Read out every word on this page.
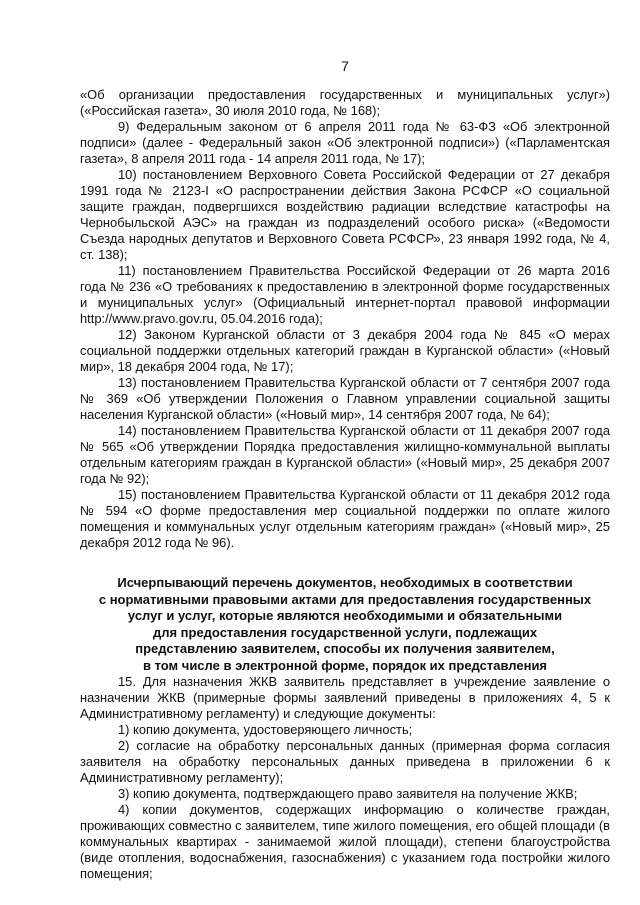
7

«Об организации предоставления государственных и муниципальных услуг») («Российская газета», 30 июля 2010 года, № 168);

9) Федеральным законом от 6 апреля 2011 года № 63-ФЗ «Об электронной подписи» (далее - Федеральный закон «Об электронной подписи») («Парламентская газета», 8 апреля 2011 года - 14 апреля 2011 года, № 17);

10) постановлением Верховного Совета Российской Федерации от 27 декабря 1991 года № 2123-I «О распространении действия Закона РСФСР «О социальной защите граждан, подвергшихся воздействию радиации вследствие катастрофы на Чернобыльской АЭС» на граждан из подразделений особого риска» («Ведомости Съезда народных депутатов и Верховного Совета РСФСР», 23 января 1992 года, № 4, ст. 138);

11) постановлением Правительства Российской Федерации от 26 марта 2016 года № 236 «О требованиях к предоставлению в электронной форме государственных и муниципальных услуг» (Официальный интернет-портал правовой информации http://www.pravo.gov.ru, 05.04.2016 года);

12) Законом Курганской области от 3 декабря 2004 года № 845 «О мерах социальной поддержки отдельных категорий граждан в Курганской области» («Новый мир», 18 декабря 2004 года, № 17);

13) постановлением Правительства Курганской области от 7 сентября 2007 года № 369 «Об утверждении Положения о Главном управлении социальной защиты населения Курганской области» («Новый мир», 14 сентября 2007 года, № 64);

14) постановлением Правительства Курганской области от 11 декабря 2007 года № 565 «Об утверждении Порядка предоставления жилищно-коммунальной выплаты отдельным категориям граждан в Курганской области» («Новый мир», 25 декабря 2007 года № 92);

15) постановлением Правительства Курганской области от 11 декабря 2012 года № 594 «О форме предоставления мер социальной поддержки по оплате жилого помещения и коммунальных услуг отдельным категориям граждан» («Новый мир», 25 декабря 2012 года № 96).

Исчерпывающий перечень документов, необходимых в соответствии
с нормативными правовыми актами для предоставления государственных
услуг и услуг, которые являются необходимыми и обязательными
для предоставления государственной услуги, подлежащих
представлению заявителем, способы их получения заявителем,
в том числе в электронной форме, порядок их представления

15. Для назначения ЖКВ заявитель представляет в учреждение заявление о назначении ЖКВ (примерные формы заявлений приведены в приложениях 4, 5 к Административному регламенту) и следующие документы:

1) копию документа, удостоверяющего личность;

2) согласие на обработку персональных данных (примерная форма согласия заявителя на обработку персональных данных приведена в приложении 6 к Административному регламенту);

3) копию документа, подтверждающего право заявителя на получение ЖКВ;

4) копии документов, содержащих информацию о количестве граждан, проживающих совместно с заявителем, типе жилого помещения, его общей площади (в коммунальных квартирах - занимаемой жилой площади), степени благоустройства (виде отопления, водоснабжения, газоснабжения) с указанием года постройки жилого помещения;
